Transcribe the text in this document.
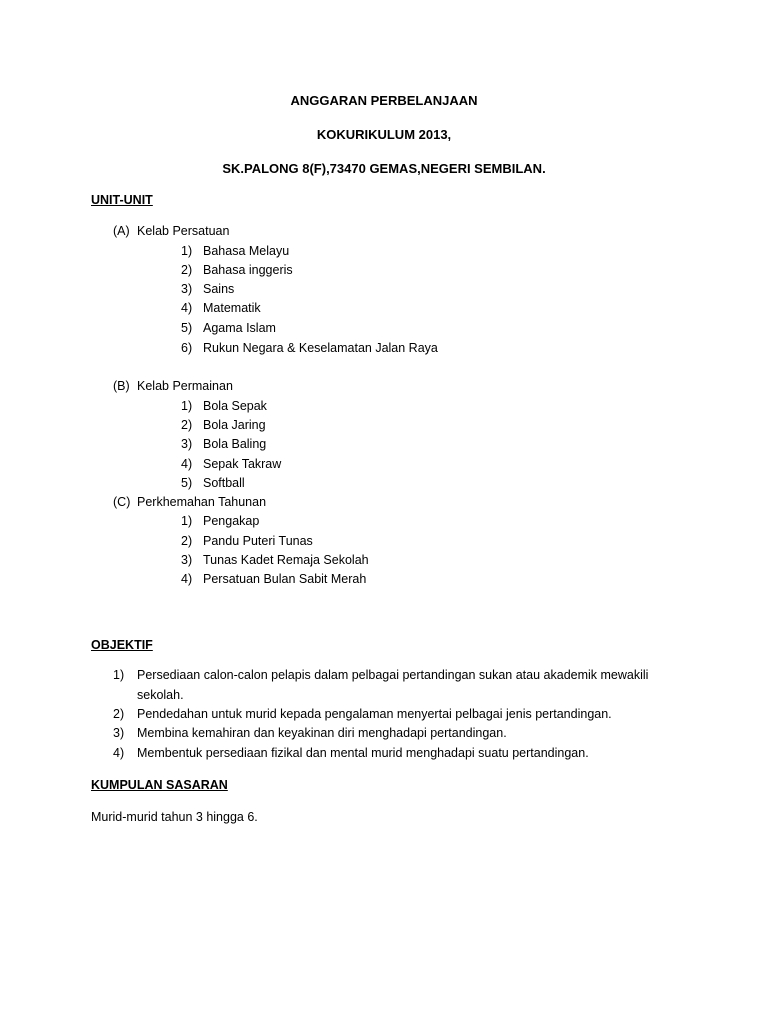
ANGGARAN PERBELANJAAN
KOKURIKULUM 2013,
SK.PALONG 8(F),73470 GEMAS,NEGERI SEMBILAN.
UNIT-UNIT
(A) Kelab Persatuan
1) Bahasa Melayu
2) Bahasa inggeris
3) Sains
4) Matematik
5) Agama Islam
6) Rukun Negara & Keselamatan Jalan Raya
(B) Kelab Permainan
1) Bola Sepak
2) Bola Jaring
3) Bola Baling
4) Sepak Takraw
5) Softball
(C) Perkhemahan Tahunan
1) Pengakap
2) Pandu Puteri Tunas
3) Tunas Kadet Remaja Sekolah
4) Persatuan Bulan Sabit Merah
OBJEKTIF
1) Persediaan calon-calon pelapis dalam pelbagai pertandingan sukan atau akademik mewakili
sekolah.
2) Pendedahan untuk murid kepada pengalaman menyertai pelbagai jenis pertandingan.
3) Membina kemahiran dan keyakinan diri menghadapi pertandingan.
4) Membentuk persediaan fizikal dan mental murid menghadapi suatu pertandingan.
KUMPULAN SASARAN
Murid-murid tahun 3 hingga 6.
